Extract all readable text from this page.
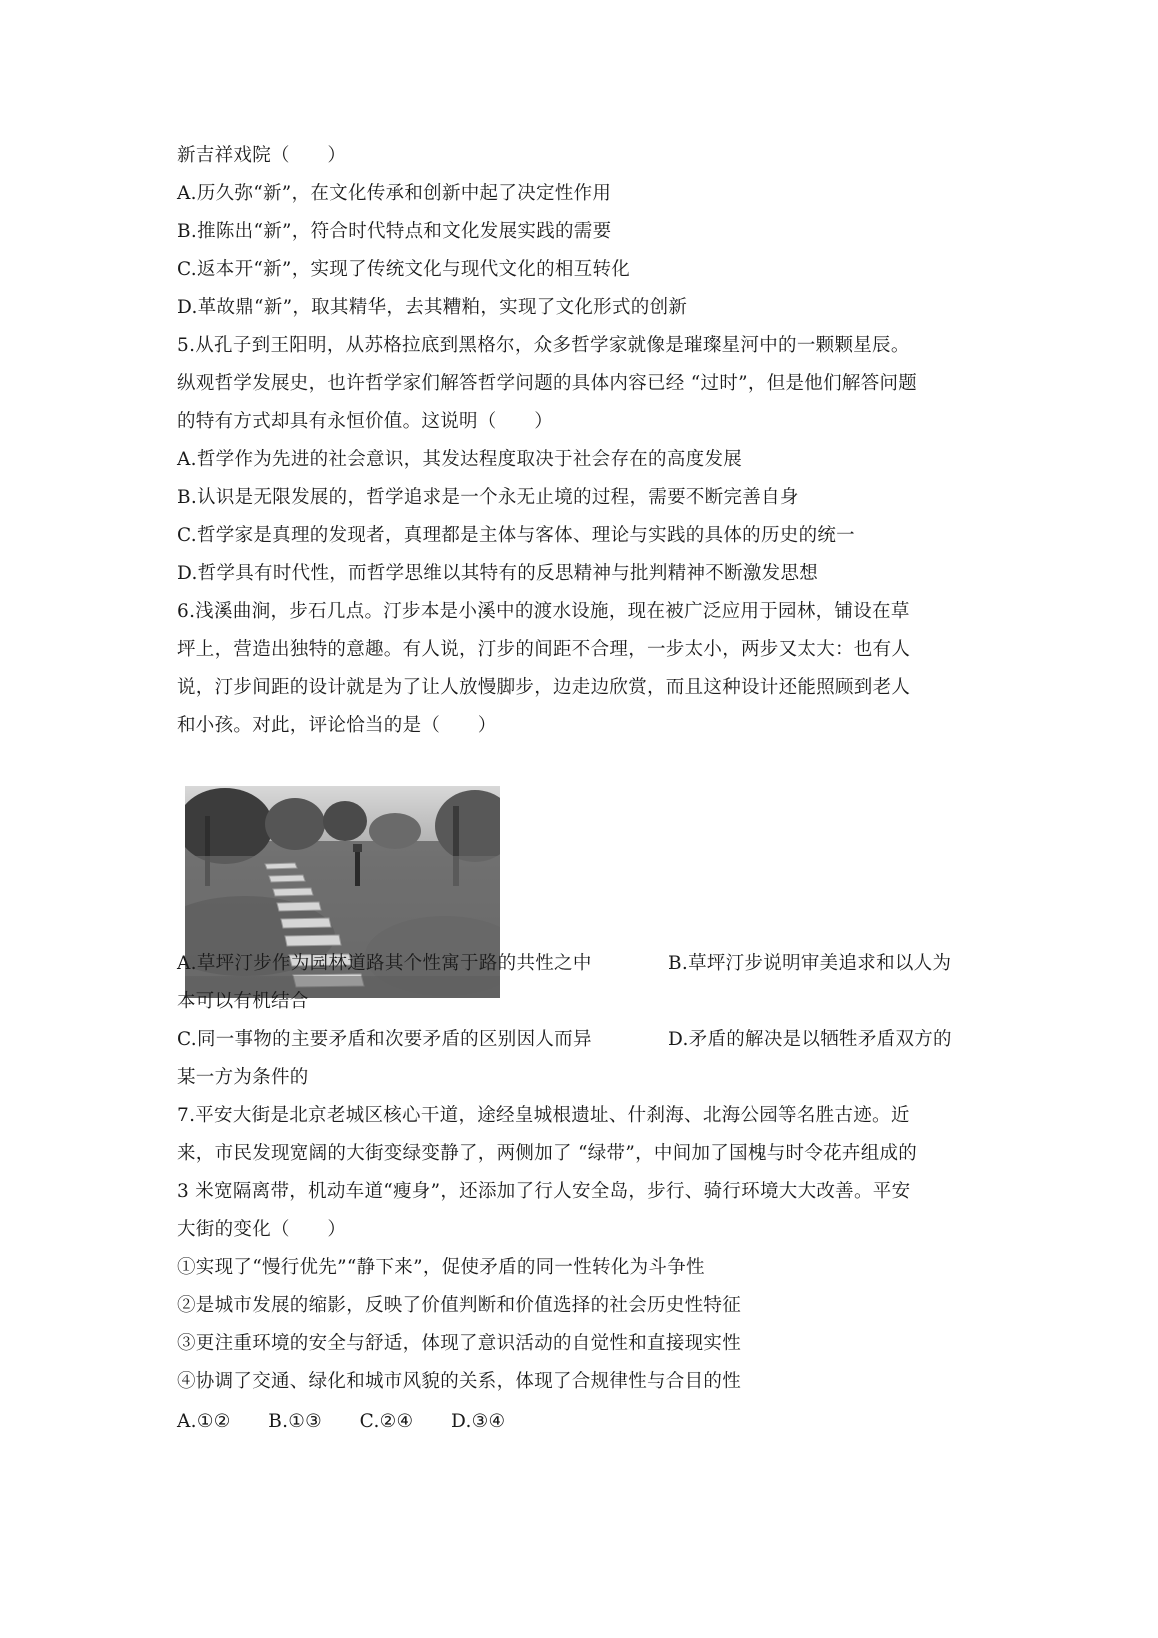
新吉祥戏院（　　）
A.历久弥“新”，在文化传承和创新中起了决定性作用
B.推陈出“新”，符合时代特点和文化发展实践的需要
C.返本开“新”，实现了传统文化与现代文化的相互转化
D.革故鼎“新”，取其精华，去其糟粕，实现了文化形式的创新
5.从孔子到王阳明，从苏格拉底到黑格尔，众多哲学家就像是璀璨星河中的一颗颗星辰。
纵观哲学发展史，也许哲学家们解答哲学问题的具体内容已经 “过时”，但是他们解答问题
的特有方式却具有永恒价值。这说明（　　）
A.哲学作为先进的社会意识，其发达程度取决于社会存在的高度发展
B.认识是无限发展的，哲学追求是一个永无止境的过程，需要不断完善自身
C.哲学家是真理的发现者，真理都是主体与客体、理论与实践的具体的历史的统一
D.哲学具有时代性，而哲学思维以其特有的反思精神与批判精神不断激发思想
6.浅溪曲涧，步石几点。汀步本是小溪中的渡水设施，现在被广泛应用于园林，铺设在草
坪上，营造出独特的意趣。有人说，汀步的间距不合理，一步太小，两步又太大：也有人
说，汀步间距的设计就是为了让人放慢脚步，边走边欣赏，而且这种设计还能照顾到老人
和小孩。对此，评论恰当的是（　　）
A.草坪汀步作为园林道路其个性寓于路的共性之中	B.草坪汀步说明审美追求和以人为
本可以有机结合
C.同一事物的主要矛盾和次要矛盾的区别因人而异	D.矛盾的解决是以牺牲矛盾双方的
某一方为条件的
7.平安大街是北京老城区核心干道，途经皇城根遗址、什刹海、北海公园等名胜古迹。近
来，市民发现宽阔的大街变绿变静了，两侧加了 “绿带”，中间加了国槐与时令花卉组成的
3 米宽隔离带，机动车道“瘦身”，还添加了行人安全岛，步行、骑行环境大大改善。平安
大街的变化（　　）
①实现了“慢行优先”“静下来”，促使矛盾的同一性转化为斗争性
②是城市发展的缩影，反映了价值判断和价值选择的社会历史性特征
③更注重环境的安全与舒适，体现了意识活动的自觉性和直接现实性
④协调了交通、绿化和城市风貌的关系，体现了合规律性与合目的性
A.①②　　B.①③　　C.②④　　D.③④
